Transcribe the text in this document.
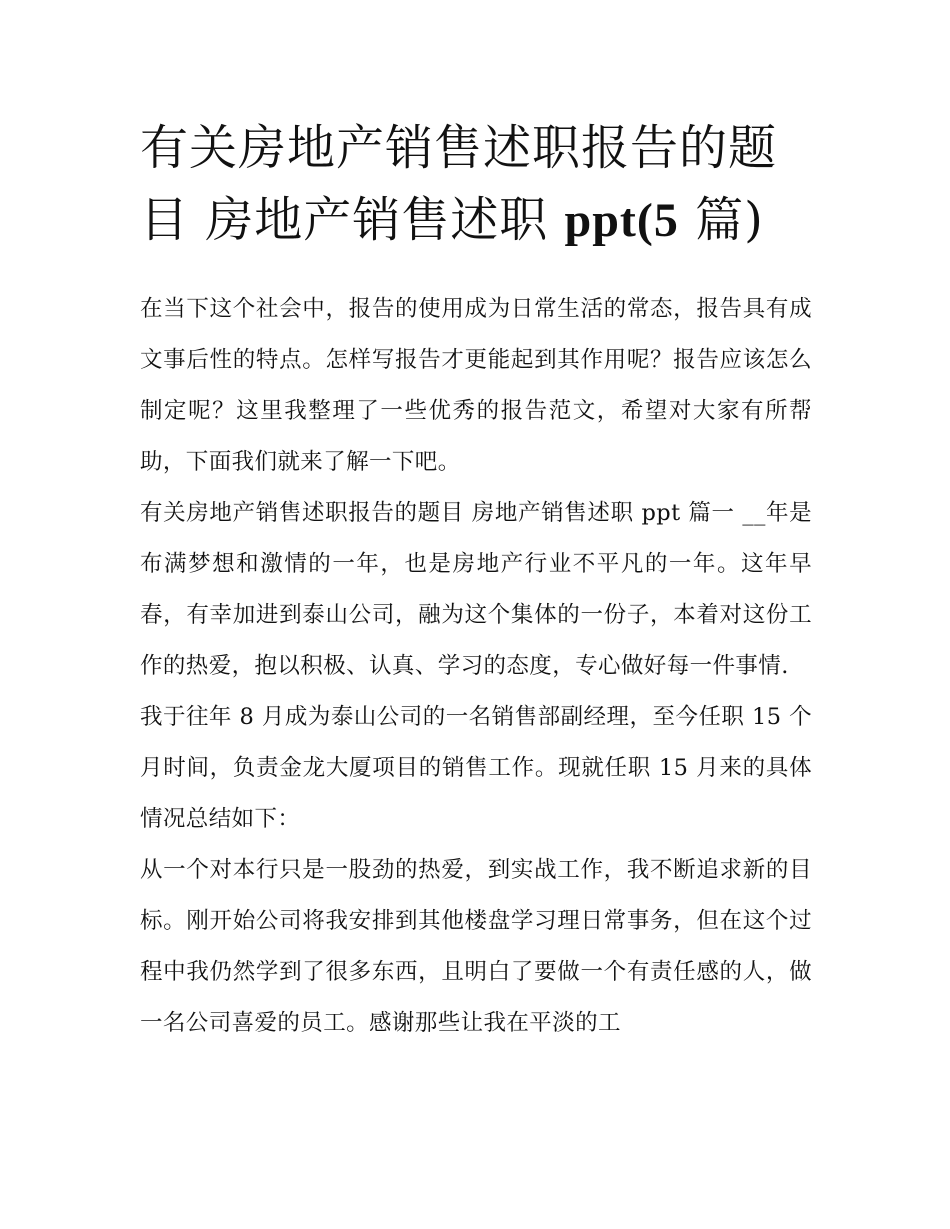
有关房地产销售述职报告的题目 房地产销售述职 ppt(5 篇)

在当下这个社会中，报告的使用成为日常生活的常态，报告具有成文事后性的特点。怎样写报告才更能起到其作用呢？报告应该怎么制定呢？这里我整理了一些优秀的报告范文，希望对大家有所帮助，下面我们就来了解一下吧。

有关房地产销售述职报告的题目 房地产销售述职 ppt 篇一 __年是布满梦想和激情的一年，也是房地产行业不平凡的一年。这年早春，有幸加进到泰山公司，融为这个集体的一份子，本着对这份工作的热爱，抱以积极、认真、学习的态度，专心做好每一件事情.

我于往年 8 月成为泰山公司的一名销售部副经理，至今任职 15 个月时间，负责金龙大厦项目的销售工作。现就任职 15 月来的具体情况总结如下：

从一个对本行只是一股劲的热爱，到实战工作，我不断追求新的目标。刚开始公司将我安排到其他楼盘学习理日常事务，但在这个过程中我仍然学到了很多东西，且明白了要做一个有责任感的人，做一名公司喜爱的员工。感谢那些让我在平淡的工
